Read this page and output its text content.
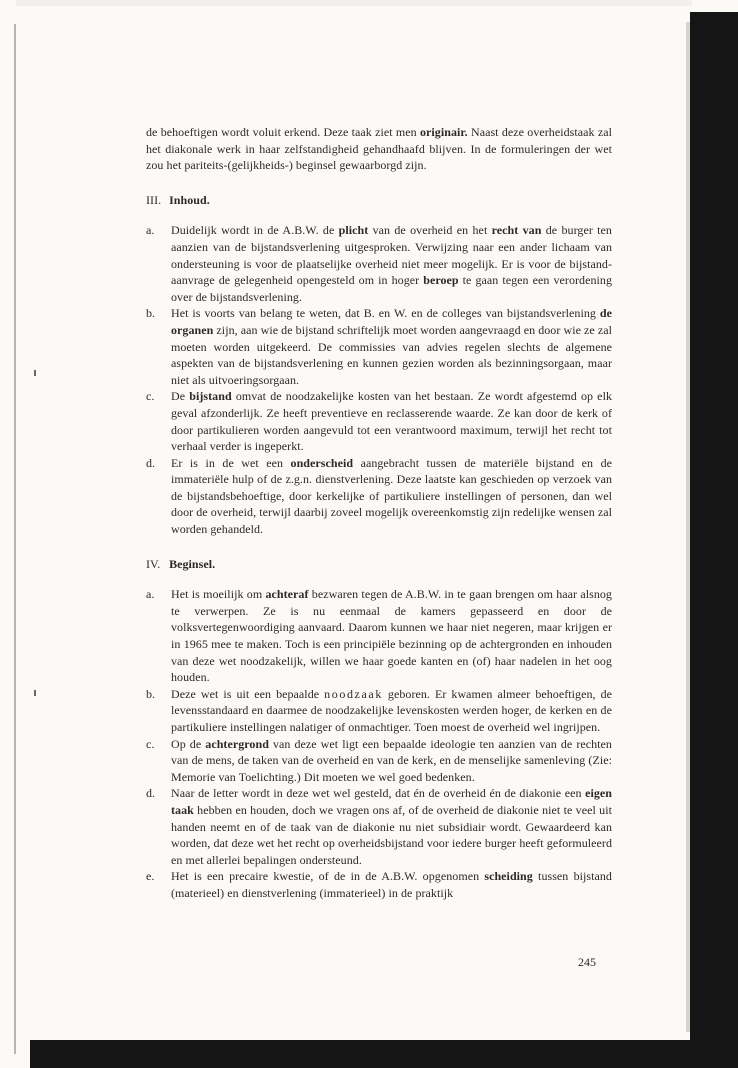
de behoeftigen wordt voluit erkend. Deze taak ziet men originair. Naast deze overheidstaak zal het diakonale werk in haar zelfstandigheid gehandhaafd blijven. In de formuleringen der wet zou het pariteits-(gelijkheids-) beginsel gewaarborgd zijn.

III. Inhoud.

a.	Duidelijk wordt in de A.B.W. de plicht van de overheid en het recht van de burger ten aanzien van de bijstandsverlening uitgesproken. Verwijzing naar een ander lichaam van ondersteuning is voor de plaatselijke overheid niet meer mogelijk. Er is voor de bijstand-aanvrage de gelegenheid opengesteld om in hoger beroep te gaan tegen een verordening over de bijstandsverlening.

b.	Het is voorts van belang te weten, dat B. en W. en de colleges van bijstandsverlening de organen zijn, aan wie de bijstand schriftelijk moet worden aangevraagd en door wie ze zal moeten worden uitgekeerd. De commissies van advies regelen slechts de algemene aspekten van de bijstandsverlening en kunnen gezien worden als bezinningsorgaan, maar niet als uitvoeringsorgaan.

c.	De bijstand omvat de noodzakelijke kosten van het bestaan. Ze wordt afgestemd op elk geval afzonderlijk. Ze heeft preventieve en reclasserende waarde. Ze kan door de kerk of door partikulieren worden aangevuld tot een verantwoord maximum, terwijl het recht tot verhaal verder is ingeperkt.

d.	Er is in de wet een onderscheid aangebracht tussen de materiële bijstand en de immateriële hulp of de z.g.n. dienstverlening. Deze laatste kan geschieden op verzoek van de bijstandsbehoeftige, door kerkelijke of partikuliere instellingen of personen, dan wel door de overheid, terwijl daarbij zoveel mogelijk overeenkomstig zijn redelijke wensen zal worden gehandeld.

IV. Beginsel.

a.	Het is moeilijk om achteraf bezwaren tegen de A.B.W. in te gaan brengen om haar alsnog te verwerpen. Ze is nu eenmaal de kamers gepasseerd en door de volksvertegenwoordiging aanvaard. Daarom kunnen we haar niet negeren, maar krijgen er in 1965 mee te maken. Toch is een principiële bezinning op de achtergronden en inhouden van deze wet noodzakelijk, willen we haar goede kanten en (of) haar nadelen in het oog houden.

b.	Deze wet is uit een bepaalde noodzaak geboren. Er kwamen almeer behoeftigen, de levensstandaard en daarmee de noodzakelijke levenskosten werden hoger, de kerken en de partikuliere instellingen nalatiger of onmachtiger. Toen moest de overheid wel ingrijpen.

c.	Op de achtergrond van deze wet ligt een bepaalde ideologie ten aanzien van de rechten van de mens, de taken van de overheid en van de kerk, en de menselijke samenleving (Zie: Memorie van Toelichting.) Dit moeten we wel goed bedenken.

d.	Naar de letter wordt in deze wet wel gesteld, dat én de overheid én de diakonie een eigen taak hebben en houden, doch we vragen ons af, of de overheid de diakonie niet te veel uit handen neemt en of de taak van de diakonie nu niet subsidiair wordt. Gewaardeerd kan worden, dat deze wet het recht op overheidsbijstand voor iedere burger heeft geformuleerd en met allerlei bepalingen ondersteund.

e.	Het is een precaire kwestie, of de in de A.B.W. opgenomen scheiding tussen bijstand (materieel) en dienstverlening (immaterieel) in de praktijk

245
